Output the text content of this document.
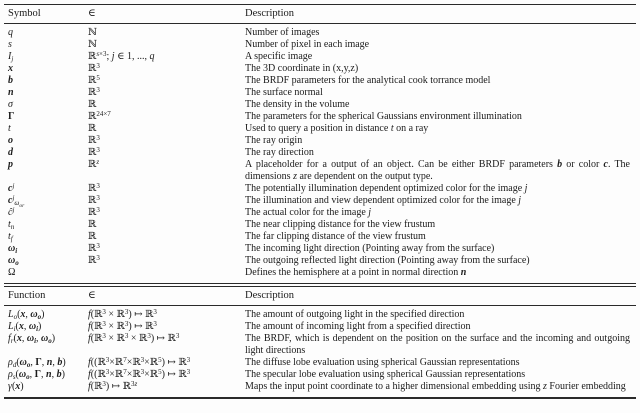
Symbol	∈	Description
q	ℕ	Number of images
s	ℕ	Number of pixel in each image
$I_j$	ℝ$^{s\times 3}$; j ∈ 1, ..., q	A specific image
x	ℝ$^3$	The 3D coordinate in (x,y,z)
b	ℝ$^5$	The BRDF parameters for the analytical cook torrance model
n	ℝ$^3$	The surface normal
σ	ℝ	The density in the volume
Γ	ℝ$^{24\times 7}$	The parameters for the spherical Gaussians environment illumination
t	ℝ	Used to query a position in distance t on a ray
o	ℝ$^3$	The ray origin
d	ℝ$^3$	The ray direction
p	ℝ$^z$	A placeholder for a output of an object. Can be either BRDF parameters b or color c. The dimensions z are dependent on the output type.
$c^j$	ℝ$^3$	The potentially illumination dependent optimized color for the image j
$c^j_{\omega_{or}}$	ℝ$^3$	The illumination and view dependent optimized color for the image j
$ĉ^j$	ℝ$^3$	The actual color for the image j
$t_n$	ℝ	The near clipping distance for the view frustum
$t_f$	ℝ	The far clipping distance of the view frustum
$\omega_i$	ℝ$^3$	The incoming light direction (Pointing away from the surface)
$\omega_o$	ℝ$^3$	The outgoing reflected light direction (Pointing away from the surface)
Ω		Defines the hemisphere at a point in normal direction n
Function	∈	Description
$L_o(x$, $\omega_o$)	f(ℝ$^3$ × ℝ$^3$) ↦ ℝ$^3$	The amount of outgoing light in the specified direction
$L_i(x$, $\omega_i$)	f(ℝ$^3$ × ℝ$^3$) ↦ ℝ$^3$	The amount of incoming light from a specified direction
$f_r(x$, $\omega_i$, $\omega_o$)	f(ℝ$^3$ × ℝ$^3$ × ℝ$^3$) ↦ ℝ$^3$	The BRDF, which is dependent on the position on the surface and the incoming and outgoing light directions
$\rho_d(\omega_o$, Γ, n, b)	f((ℝ$^3$×ℝ$^7$×ℝ$^3$×ℝ$^5$) ↦ ℝ$^3$	The diffuse lobe evaluation using spherical Gaussian representations
$\rho_s(\omega_o$, Γ, n, b)	f((ℝ$^3$×ℝ$^7$×ℝ$^3$×ℝ$^5$) ↦ ℝ$^3$	The specular lobe evaluation using spherical Gaussian representations
γ(x)	f(ℝ$^3$) ↦ ℝ$^{3z}$	Maps the input point coordinate to a higher dimensional embedding using z Fourier embedding
